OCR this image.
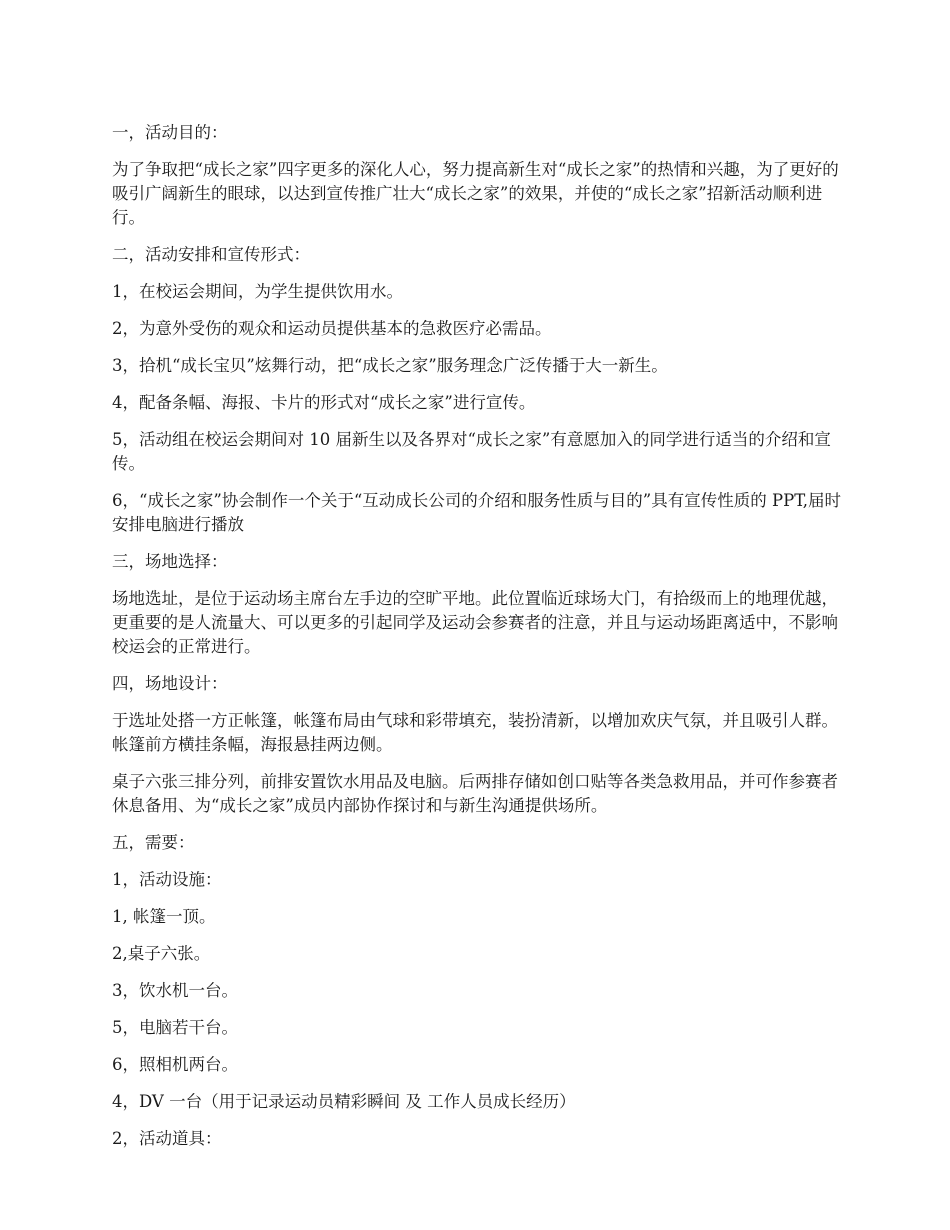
一，活动目的：

为了争取把“成长之家”四字更多的深化人心，努力提高新生对“成长之家”的热情和兴趣，为了更好的吸引广阔新生的眼球，以达到宣传推广壮大“成长之家”的效果，并使的“成长之家”招新活动顺利进行。

二，活动安排和宣传形式：

1，在校运会期间，为学生提供饮用水。

2，为意外受伤的观众和运动员提供基本的急救医疗必需品。

3，拾机“成长宝贝”炫舞行动，把“成长之家”服务理念广泛传播于大一新生。

4，配备条幅、海报、卡片的形式对“成长之家”进行宣传。

5，活动组在校运会期间对 10 届新生以及各界对“成长之家”有意愿加入的同学进行适当的介绍和宣传。

6，“成长之家”协会制作一个关于“互动成长公司的介绍和服务性质与目的”具有宣传性质的 PPT,届时安排电脑进行播放

三，场地选择：

场地选址，是位于运动场主席台左手边的空旷平地。此位置临近球场大门，有拾级而上的地理优越，更重要的是人流量大、可以更多的引起同学及运动会参赛者的注意，并且与运动场距离适中，不影响校运会的正常进行。

四，场地设计：

于选址处搭一方正帐篷，帐篷布局由气球和彩带填充，装扮清新，以增加欢庆气氛，并且吸引人群。帐篷前方横挂条幅，海报悬挂两边侧。

桌子六张三排分列，前排安置饮水用品及电脑。后两排存储如创口贴等各类急救用品，并可作参赛者休息备用、为“成长之家”成员内部协作探讨和与新生沟通提供场所。

五，需要：

1，活动设施：

1, 帐篷一顶。

2,桌子六张。

3，饮水机一台。

5，电脑若干台。

6，照相机两台。

4，DV 一台（用于记录运动员精彩瞬间 及 工作人员成长经历）

2，活动道具：
